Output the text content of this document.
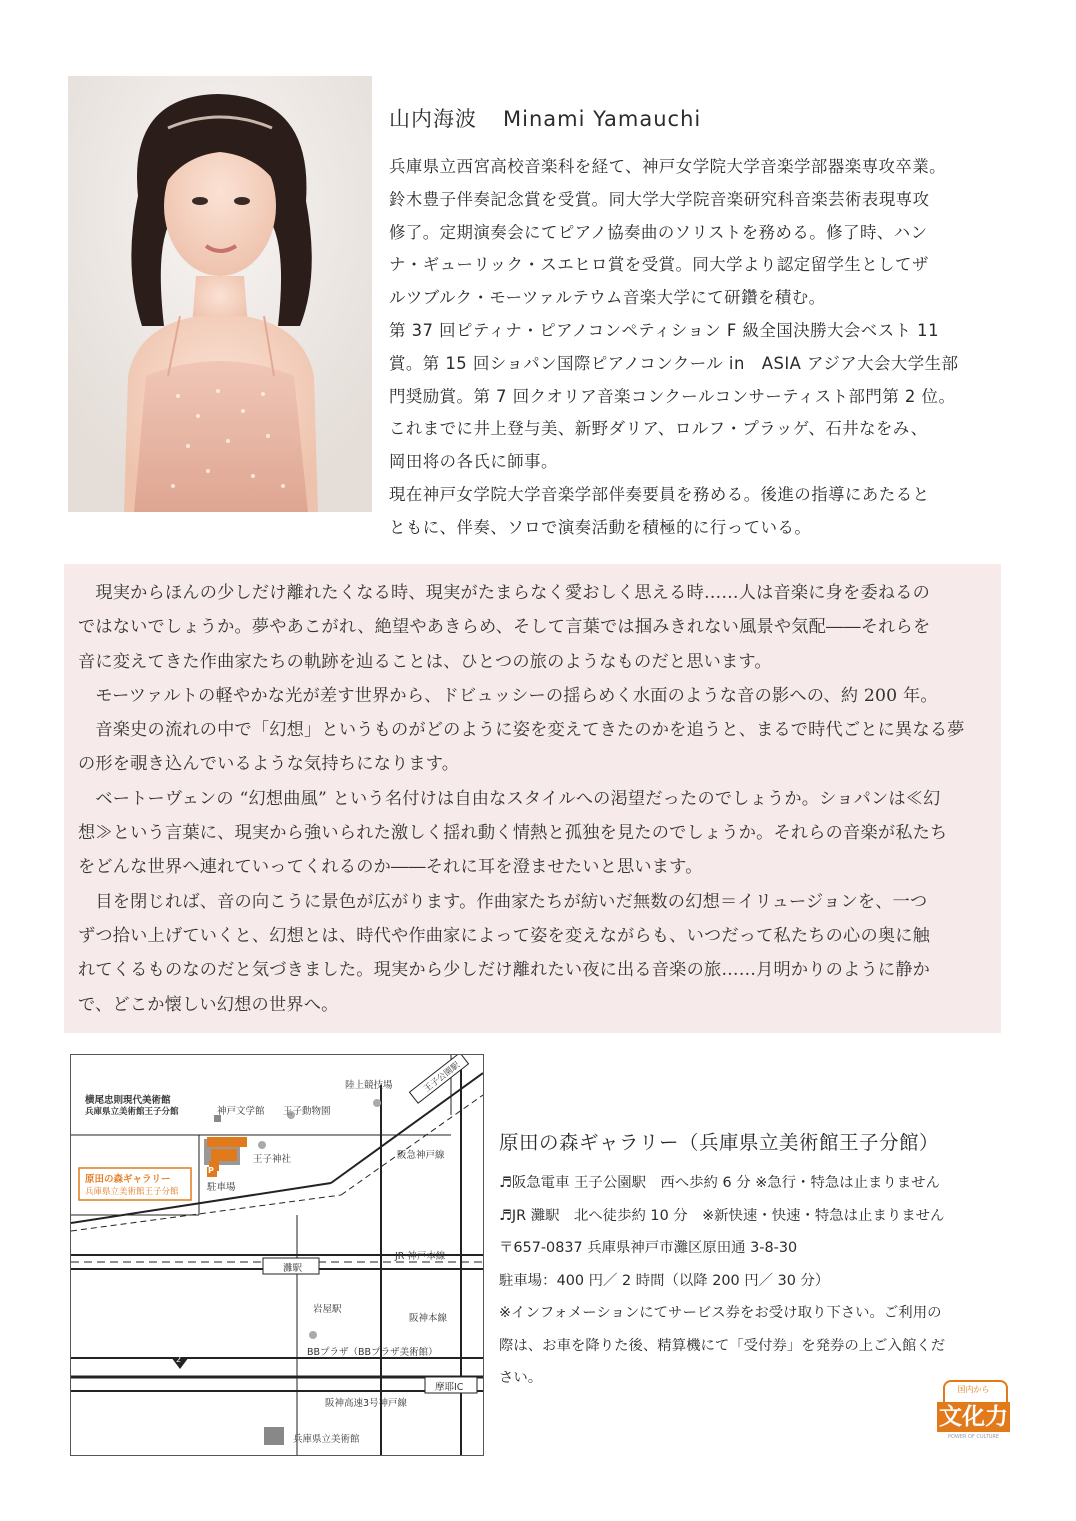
山内海波 Minami Yamauchi
兵庫県立西宮高校音楽科を経て、神戸女学院大学音楽学部器楽専攻卒業。
鈴木豊子伴奏記念賞を受賞。同大学大学院音楽研究科音楽芸術表現専攻
修了。定期演奏会にてピアノ協奏曲のソリストを務める。修了時、ハン
ナ・ギューリック・スエヒロ賞を受賞。同大学より認定留学生としてザ
ルツブルク・モーツァルテウム音楽大学にて研鑽を積む。
第 37 回ピティナ・ピアノコンペティション F 級全国決勝大会ベスト 11
賞。第 15 回ショパン国際ピアノコンクール in　ASIA アジア大会大学生部
門奨励賞。第 7 回クオリア音楽コンクールコンサーティスト部門第 2 位。
これまでに井上登与美、新野ダリア、ロルフ・プラッゲ、石井なをみ、
岡田将の各氏に師事。
現在神戸女学院大学音楽学部伴奏要員を務める。後進の指導にあたると
ともに、伴奏、ソロで演奏活動を積極的に行っている。
　現実からほんの少しだけ離れたくなる時、現実がたまらなく愛おしく思える時……人は音楽に身を委ねるの
ではないでしょうか。夢やあこがれ、絶望やあきらめ、そして言葉では掴みきれない風景や気配――それらを
音に変えてきた作曲家たちの軌跡を辿ることは、ひとつの旅のようなものだと思います。
　モーツァルトの軽やかな光が差す世界から、ドビュッシーの揺らめく水面のような音の影への、約 200 年。
　音楽史の流れの中で「幻想」というものがどのように姿を変えてきたのかを追うと、まるで時代ごとに異なる夢
の形を覗き込んでいるような気持ちになります。
　ベートーヴェンの “幻想曲風” という名付けは自由なスタイルへの渇望だったのでしょうか。ショパンは≪幻
想≫という言葉に、現実から強いられた激しく揺れ動く情熱と孤独を見たのでしょうか。それらの音楽が私たち
をどんな世界へ連れていってくれるのか――それに耳を澄ませたいと思います。
　目を閉じれば、音の向こうに景色が広がります。作曲家たちが紡いだ無数の幻想＝イリュージョンを、一つ
ずつ拾い上げていくと、幻想とは、時代や作曲家によって姿を変えながらも、いつだって私たちの心の奥に触
れてくるものなのだと気づきました。現実から少しだけ離れたい夜に出る音楽の旅……月明かりのように静か
で、どこか懐しい幻想の世界へ。
横尾忠則現代美術館
兵庫県立美術館王子分館	神戸文学館 王子動物園
陸上競技場	王子公園駅
王子神社	阪急神戸線
原田の森ギャラリー
兵庫県立美術館王子分館
P
駐車場
JR 神戸本線
灘駅
岩屋駅
阪神本線
BBプラザ（BBプラザ美術館）
2
摩耶IC
阪神高速3号神戸線
兵庫県立美術館
原田の森ギャラリー（兵庫県立美術館王子分館）
♬阪急電車 王子公園駅　西へ歩約 6 分 ※急行・特急は止まりません
♬JR 灘駅　北へ徒歩約 10 分　※新快速・快速・特急は止まりません
〒657-0837 兵庫県神戸市灘区原田通 3-8-30
駐車場：400 円／ 2 時間（以降 200 円／ 30 分）
※インフォメーションにてサービス券をお受け取り下さい。ご利用の
際は、お車を降りた後、精算機にて「受付券」を発券の上ご入館くだ
さい。
国内から
文化力
POWER OF CULTURE
